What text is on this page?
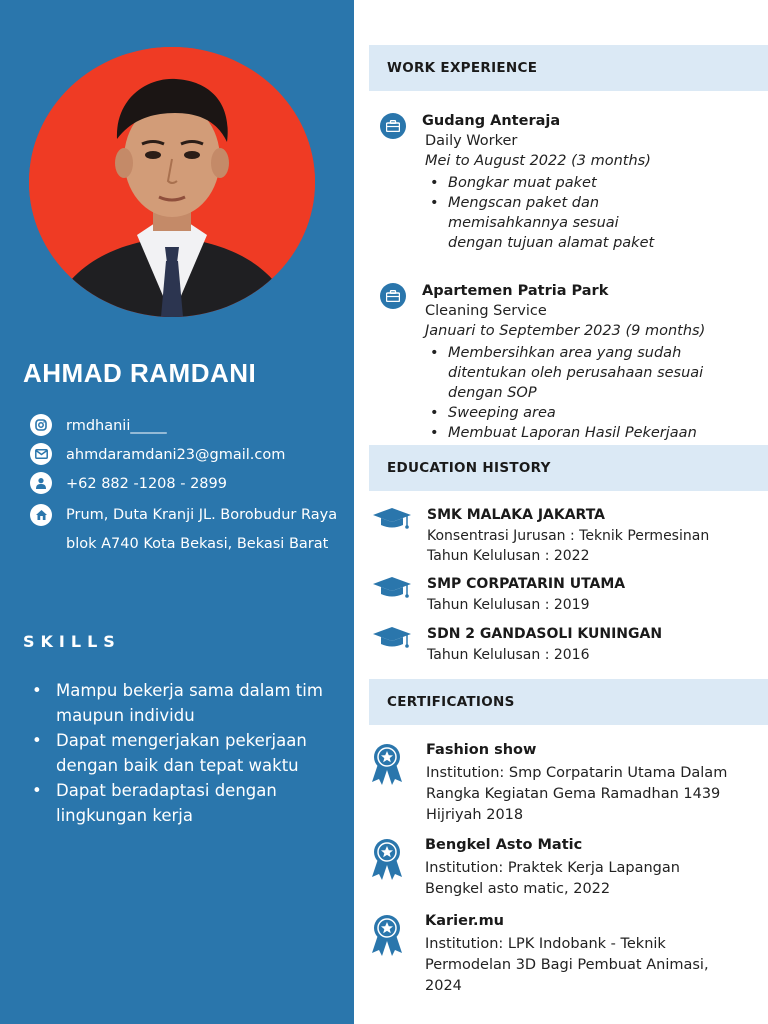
AHMAD RAMDANI
rmdhanii_____
ahmdaramdani23@gmail.com
+62 882 -1208 - 2899
Prum, Duta Kranji JL. Borobudur Raya
blok A740 Kota Bekasi, Bekasi Barat
SKILLS
• Mampu bekerja sama dalam tim maupun individu
• Dapat mengerjakan pekerjaan dengan baik dan tepat waktu
• Dapat beradaptasi dengan lingkungan kerja
WORK EXPERIENCE
Gudang Anteraja
Daily Worker
Mei to August 2022 (3 months)
• Bongkar muat paket
• Mengscan paket dan memisahkannya sesuai dengan tujuan alamat paket
Apartemen Patria Park
Cleaning Service
Januari to September 2023 (9 months)
• Membersihkan area yang sudah ditentukan oleh perusahaan sesuai dengan SOP
• Sweeping area
• Membuat Laporan Hasil Pekerjaan
EDUCATION HISTORY
SMK MALAKA JAKARTA
Konsentrasi Jurusan : Teknik Permesinan
Tahun Kelulusan : 2022
SMP CORPATARIN UTAMA
Tahun Kelulusan : 2019
SDN 2 GANDASOLI KUNINGAN
Tahun Kelulusan : 2016
CERTIFICATIONS
Fashion show
Institution: Smp Corpatarin Utama Dalam Rangka Kegiatan Gema Ramadhan 1439 Hijriyah 2018
Bengkel Asto Matic
Institution: Praktek Kerja Lapangan Bengkel asto matic, 2022
Karier.mu
Institution: LPK Indobank - Teknik Permodelan 3D Bagi Pembuat Animasi, 2024
